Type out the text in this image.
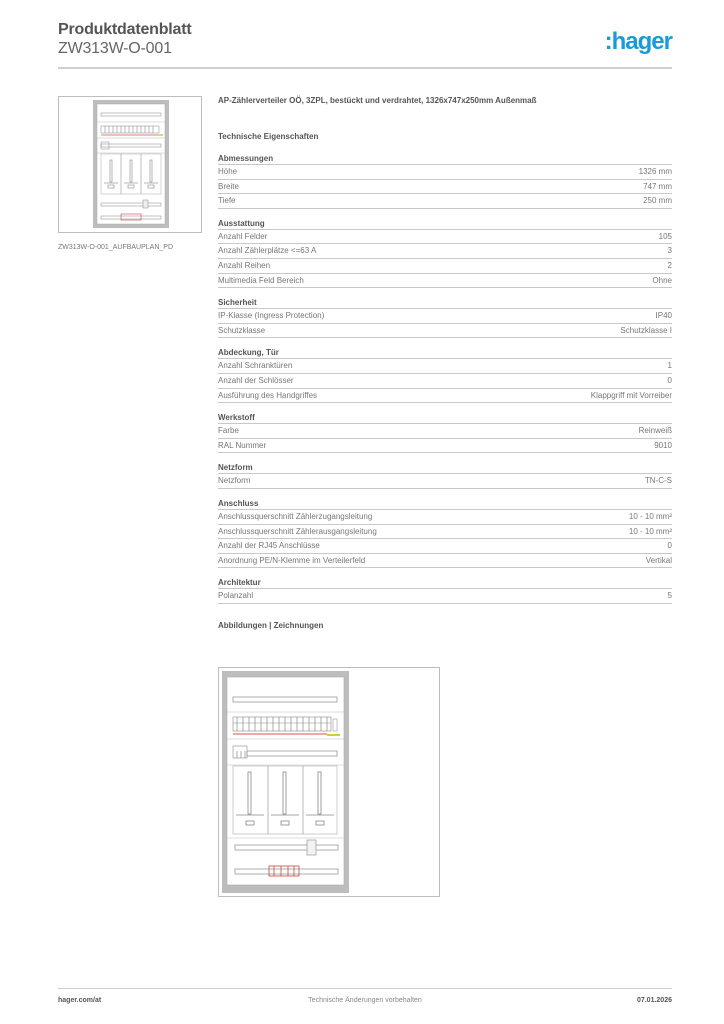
Produktdatenblatt
ZW313W-O-001	:hager
ZW313W-O-001_AUFBAUPLAN_PD
AP-Zählerverteiler OÖ, 3ZPL, bestückt und verdrahtet, 1326x747x250mm Außenmaß
Technische Eigenschaften
Abmessungen
Höhe	1326 mm
Breite	747 mm
Tiefe	250 mm
Ausstattung
Anzahl Felder	105
Anzahl Zählerplätze <=63 A	3
Anzahl Reihen	2
Multimedia Feld Bereich	Ohne
Sicherheit
IP-Klasse (Ingress Protection)	IP40
Schutzklasse	Schutzklasse I
Abdeckung, Tür
Anzahl Schranktüren	1
Anzahl der Schlösser	0
Ausführung des Handgriffes	Klappgriff mit Vorreiber
Werkstoff
Farbe	Reinweiß
RAL Nummer	9010
Netzform
Netzform	TN-C-S
Anschluss
Anschlussquerschnitt Zählerzugangsleitung	10 - 10 mm²
Anschlussquerschnitt Zählerausgangsleitung	10 - 10 mm²
Anzahl der RJ45 Anschlüsse	0
Anordnung PE/N-Klemme im Verteilerfeld	Vertikal
Architektur
Polanzahl	5
Abbildungen | Zeichnungen
hager.com/at	Technische Änderungen vorbehalten	07.01.2026
